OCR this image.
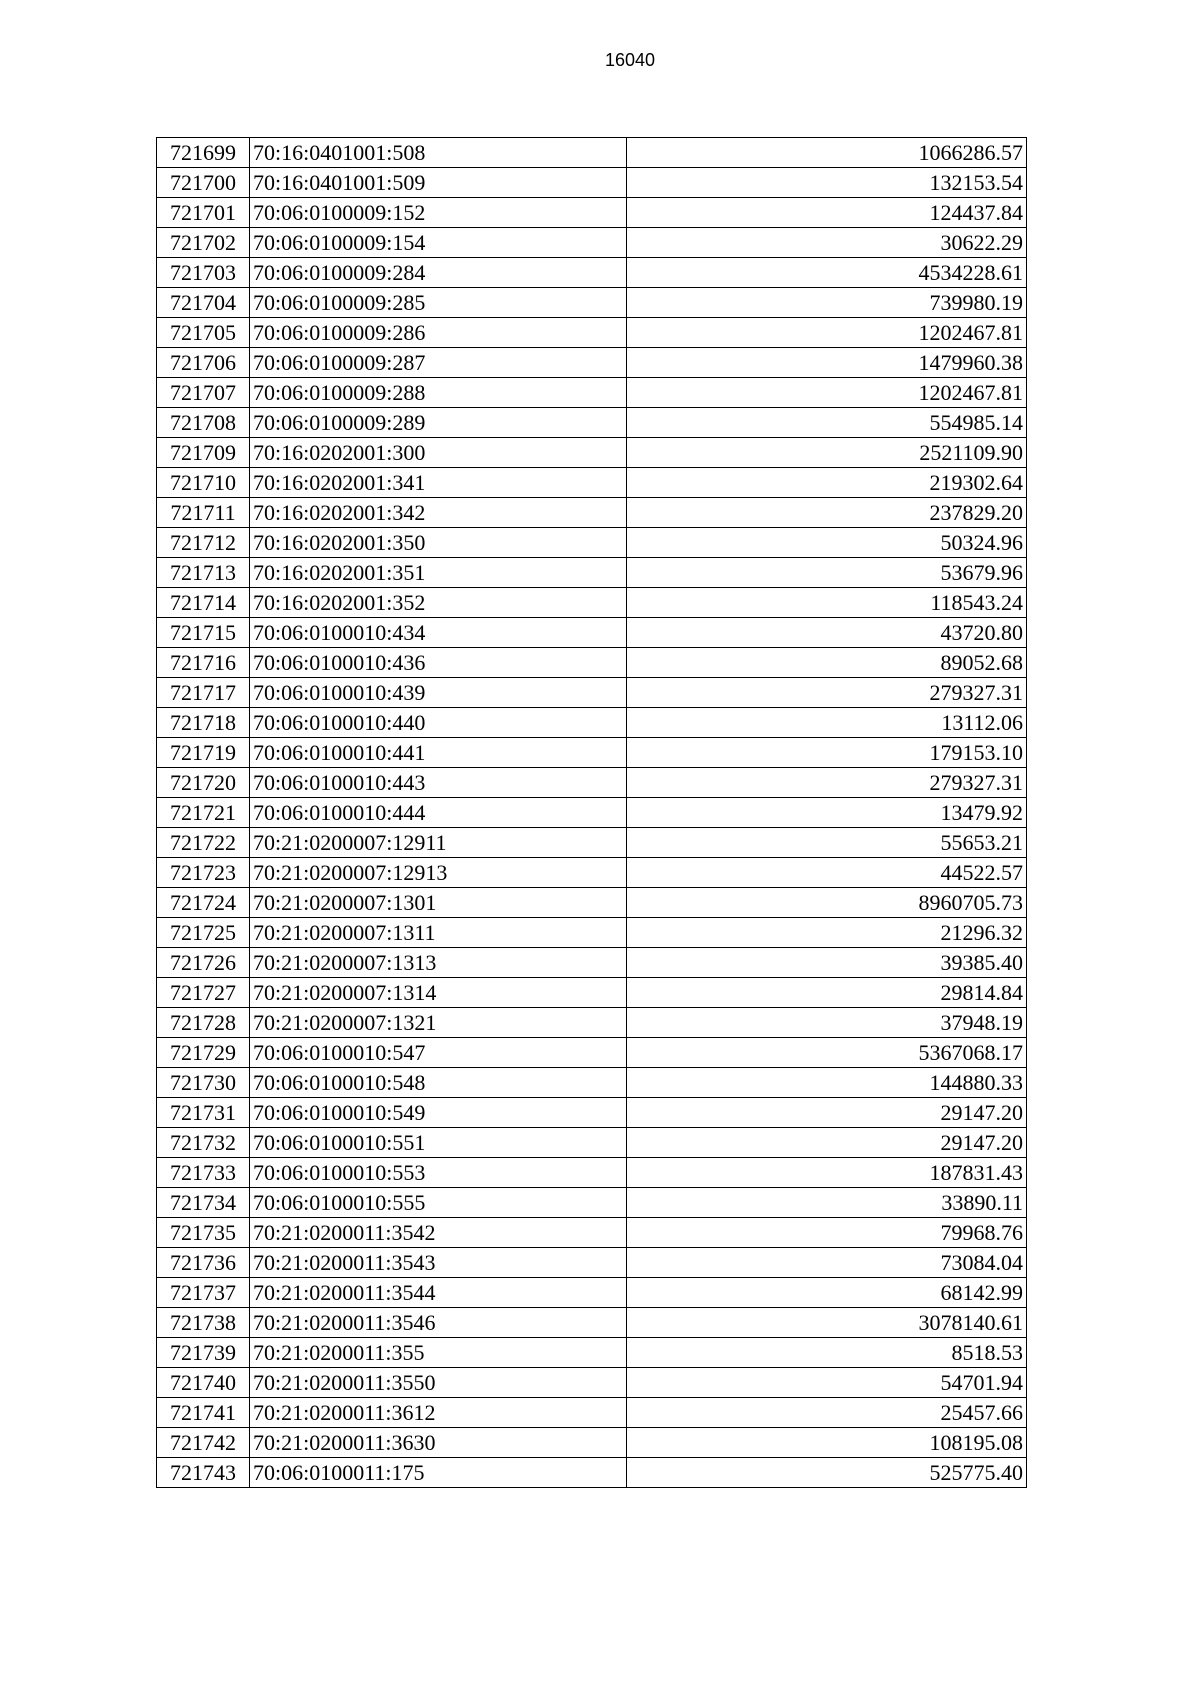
16040
721699	70:16:0401001:508	1066286.57
721700	70:16:0401001:509	132153.54
721701	70:06:0100009:152	124437.84
721702	70:06:0100009:154	30622.29
721703	70:06:0100009:284	4534228.61
721704	70:06:0100009:285	739980.19
721705	70:06:0100009:286	1202467.81
721706	70:06:0100009:287	1479960.38
721707	70:06:0100009:288	1202467.81
721708	70:06:0100009:289	554985.14
721709	70:16:0202001:300	2521109.90
721710	70:16:0202001:341	219302.64
721711	70:16:0202001:342	237829.20
721712	70:16:0202001:350	50324.96
721713	70:16:0202001:351	53679.96
721714	70:16:0202001:352	118543.24
721715	70:06:0100010:434	43720.80
721716	70:06:0100010:436	89052.68
721717	70:06:0100010:439	279327.31
721718	70:06:0100010:440	13112.06
721719	70:06:0100010:441	179153.10
721720	70:06:0100010:443	279327.31
721721	70:06:0100010:444	13479.92
721722	70:21:0200007:12911	55653.21
721723	70:21:0200007:12913	44522.57
721724	70:21:0200007:1301	8960705.73
721725	70:21:0200007:1311	21296.32
721726	70:21:0200007:1313	39385.40
721727	70:21:0200007:1314	29814.84
721728	70:21:0200007:1321	37948.19
721729	70:06:0100010:547	5367068.17
721730	70:06:0100010:548	144880.33
721731	70:06:0100010:549	29147.20
721732	70:06:0100010:551	29147.20
721733	70:06:0100010:553	187831.43
721734	70:06:0100010:555	33890.11
721735	70:21:0200011:3542	79968.76
721736	70:21:0200011:3543	73084.04
721737	70:21:0200011:3544	68142.99
721738	70:21:0200011:3546	3078140.61
721739	70:21:0200011:355	8518.53
721740	70:21:0200011:3550	54701.94
721741	70:21:0200011:3612	25457.66
721742	70:21:0200011:3630	108195.08
721743	70:06:0100011:175	525775.40
